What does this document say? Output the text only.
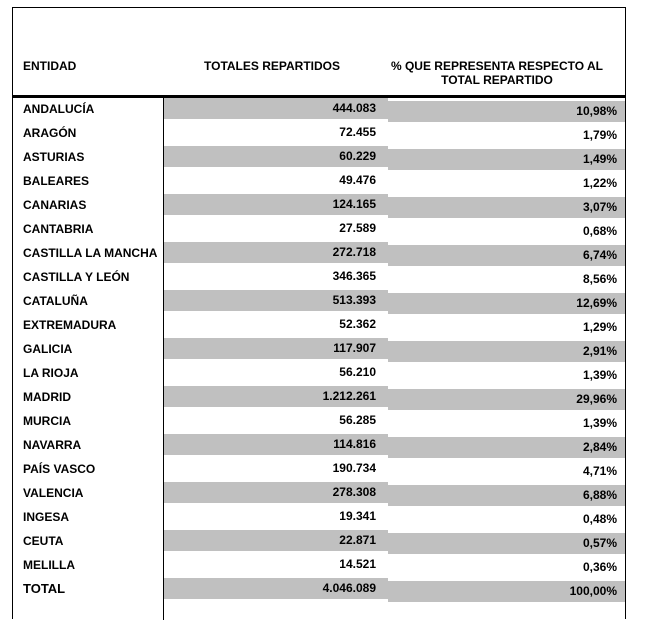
ENTIDAD	TOTALES REPARTIDOS	% QUE REPRESENTA RESPECTO AL TOTAL REPARTIDO
ANDALUCÍA	444.083	10,98%
ARAGÓN	72.455	1,79%
ASTURIAS	60.229	1,49%
BALEARES	49.476	1,22%
CANARIAS	124.165	3,07%
CANTABRIA	27.589	0,68%
CASTILLA LA MANCHA	272.718	6,74%
CASTILLA Y LEÓN	346.365	8,56%
CATALUÑA	513.393	12,69%
EXTREMADURA	52.362	1,29%
GALICIA	117.907	2,91%
LA RIOJA	56.210	1,39%
MADRID	1.212.261	29,96%
MURCIA	56.285	1,39%
NAVARRA	114.816	2,84%
PAÍS VASCO	190.734	4,71%
VALENCIA	278.308	6,88%
INGESA	19.341	0,48%
CEUTA	22.871	0,57%
MELILLA	14.521	0,36%
TOTAL	4.046.089	100,00%
